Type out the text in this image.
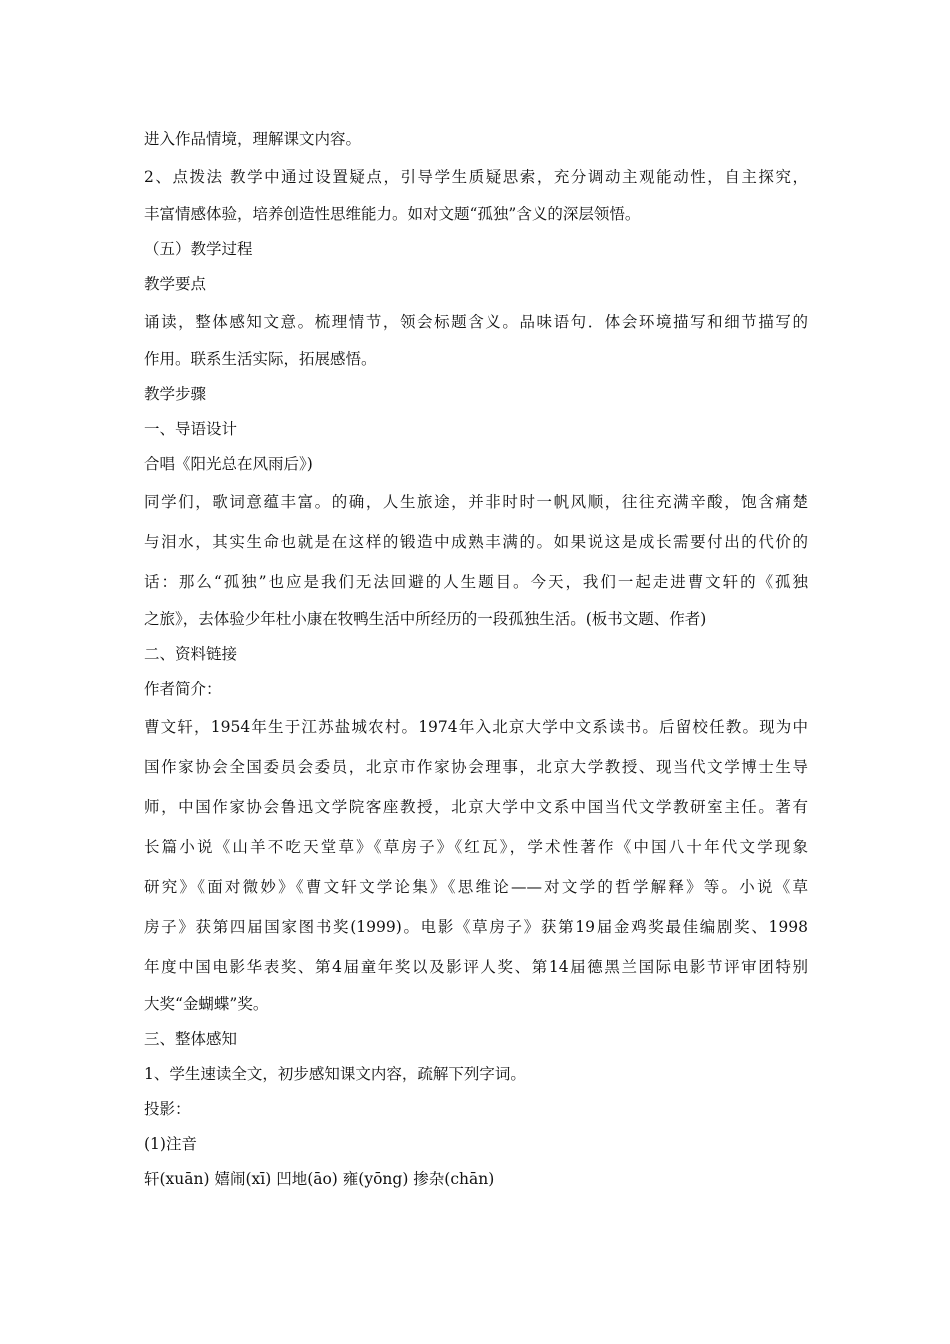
进入作品情境，理解课文内容。
2、点拨法 教学中通过设置疑点，引导学生质疑思索，充分调动主观能动性，自主探究，
丰富情感体验，培养创造性思维能力。如对文题“孤独”含义的深层领悟。
（五）教学过程
教学要点
诵读，整体感知文意。梳理情节，领会标题含义。品味语句．体会环境描写和细节描写的
作用。联系生活实际，拓展感悟。
教学步骤
一、导语设计
合唱《阳光总在风雨后》)
同学们，歌词意蕴丰富。的确，人生旅途，并非时时一帆风顺，往往充满辛酸，饱含痛楚
与泪水，其实生命也就是在这样的锻造中成熟丰满的。如果说这是成长需要付出的代价的
话：那么“孤独”也应是我们无法回避的人生题目。今天，我们一起走进曹文轩的《孤独
之旅》，去体验少年杜小康在牧鸭生活中所经历的一段孤独生活。(板书文题、作者)
二、资料链接
作者简介：
曹文轩，1954年生于江苏盐城农村。1974年入北京大学中文系读书。后留校任教。现为中
国作家协会全国委员会委员，北京市作家协会理事，北京大学教授、现当代文学博士生导
师，中国作家协会鲁迅文学院客座教授，北京大学中文系中国当代文学教研室主任。著有
长篇小说《山羊不吃天堂草》《草房子》《红瓦》，学术性著作《中国八十年代文学现象
研究》《面对微妙》《曹文轩文学论集》《思维论——对文学的哲学解释》等。小说《草
房子》获第四届国家图书奖(1999)。电影《草房子》获第19届金鸡奖最佳编剧奖、1998
年度中国电影华表奖、第4届童年奖以及影评人奖、第14届德黑兰国际电影节评审团特别
大奖“金蝴蝶”奖。
三、整体感知
1、学生速读全文，初步感知课文内容，疏解下列字词。
投影：
(1)注音
轩(xuān) 嬉闹(xī) 凹地(āo) 雍(yōng) 掺杂(chān)
